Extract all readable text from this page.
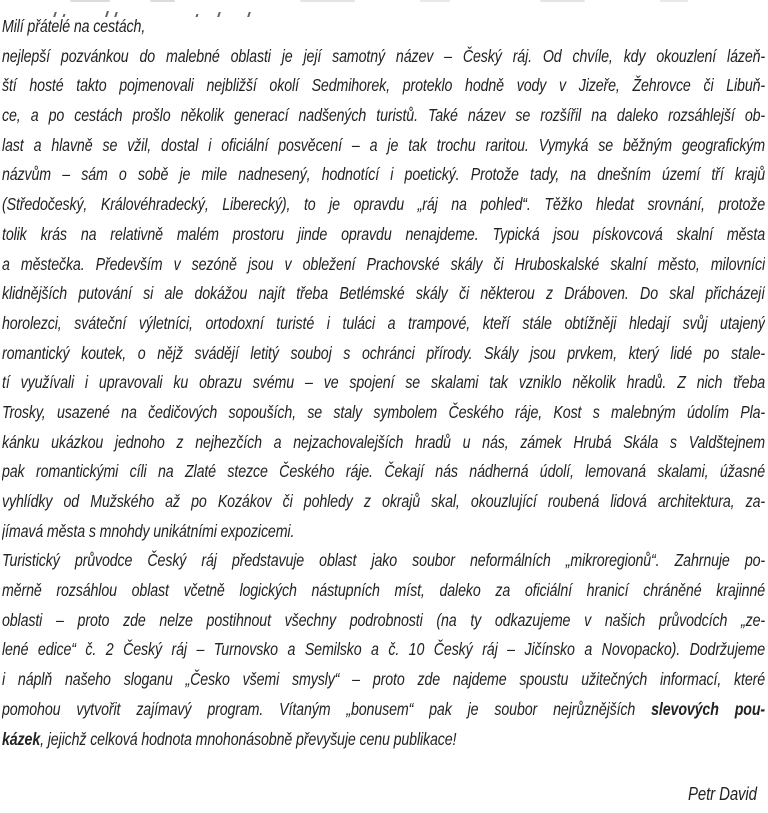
Milí přátelé na cestách,
nejlepší pozvánkou do malebné oblasti je její samotný název – Český ráj. Od chvíle, kdy okouzlení lázeň-
ští hosté takto pojmenovali nejbližší okolí Sedmihorek, proteklo hodně vody v Jizeře, Žehrovce či Libuň-
ce, a po cestách prošlo několik generací nadšených turistů. Také název se rozšířil na daleko rozsáhlejší ob-
last a hlavně se vžil, dostal i oficiální posvěcení – a je tak trochu raritou. Vymyká se běžným geografickým
názvům – sám o sobě je mile nadnesený, hodnotící i poetický. Protože tady, na dnešním území tří krajů
(Středočeský, Královéhradecký, Liberecký), to je opravdu „ráj na pohled“. Těžko hledat srovnání, protože
tolik krás na relativně malém prostoru jinde opravdu nenajdeme. Typická jsou pískovcová skalní města
a městečka. Především v sezóně jsou v obležení Prachovské skály či Hruboskalské skalní město, milovníci
klidnějších putování si ale dokážou najít třeba Betlémské skály či některou z Dráboven. Do skal přicházejí
horolezci, sváteční výletníci, ortodoxní turisté i tuláci a trampové, kteří stále obtížněji hledají svůj utajený
romantický koutek, o nějž svádějí letitý souboj s ochránci přírody. Skály jsou prvkem, který lidé po stale-
tí využívali i upravovali ku obrazu svému – ve spojení se skalami tak vzniklo několik hradů. Z nich třeba
Trosky, usazené na čedičových sopouších, se staly symbolem Českého ráje, Kost s malebným údolím Pla-
kánku ukázkou jednoho z nejhezčích a nejzachovalejších hradů u nás, zámek Hrubá Skála s Valdštejnem
pak romantickými cíli na Zlaté stezce Českého ráje. Čekají nás nádherná údolí, lemovaná skalami, úžasné
vyhlídky od Mužského až po Kozákov či pohledy z okrajů skal, okouzlující roubená lidová architektura, za-
jímavá města s mnohdy unikátními expozicemi.
Turistický průvodce Český ráj představuje oblast jako soubor neformálních „mikroregionů“. Zahrnuje po-
měrně rozsáhlou oblast včetně logických nástupních míst, daleko za oficiální hranicí chráněné krajinné
oblasti – proto zde nelze postihnout všechny podrobnosti (na ty odkazujeme v našich průvodcích „ze-
lené edice“ č. 2 Český ráj – Turnovsko a Semilsko a č. 10 Český ráj – Jičínsko a Novopacko). Dodržujeme
i náplň našeho sloganu „Česko všemi smysly“ – proto zde najdeme spoustu užitečných informací, které
pomohou vytvořit zajímavý program. Vítaným „bonusem“ pak je soubor nejrůznějších slevových pou-
kázek, jejichž celková hodnota mnohonásobně převyšuje cenu publikace!
Petr David
